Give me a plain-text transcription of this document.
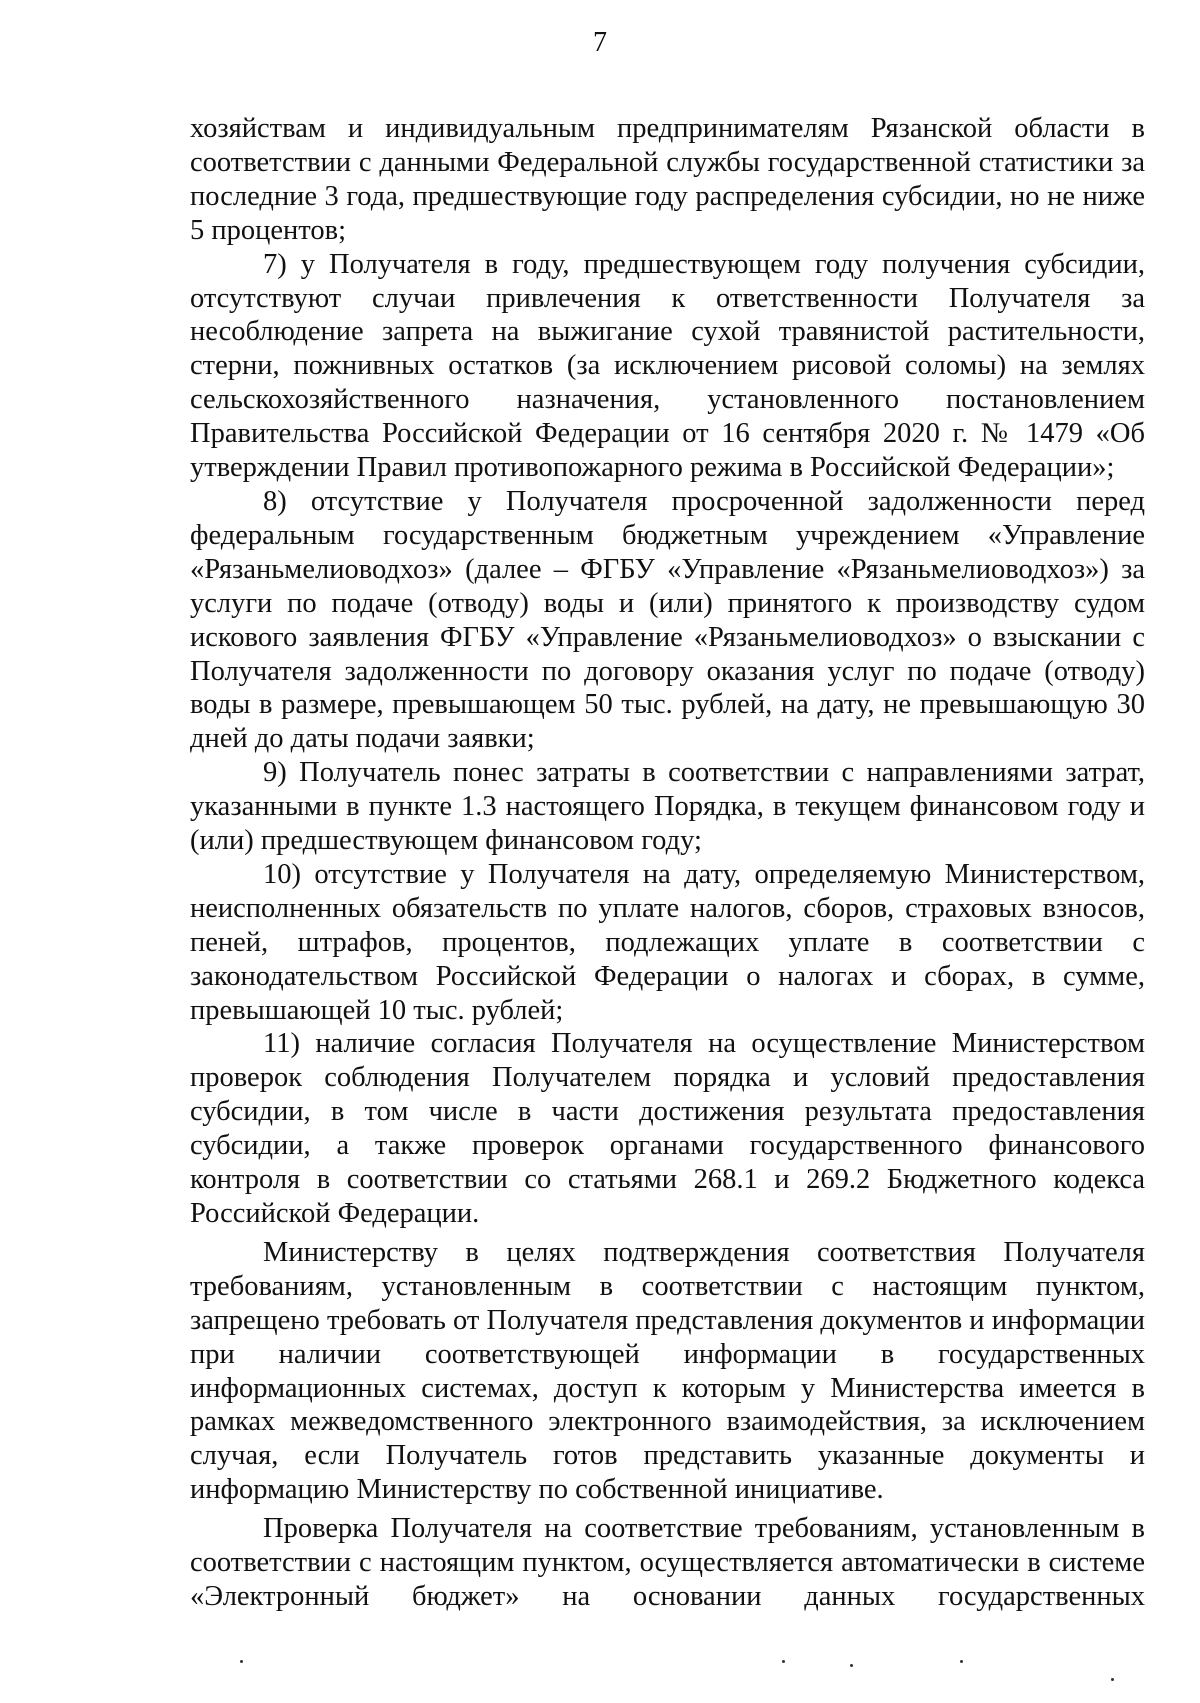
7

хозяйствам и индивидуальным предпринимателям Рязанской области в соответствии с данными Федеральной службы государственной статистики за последние 3 года, предшествующие году распределения субсидии, но не ниже 5 процентов;

7) у Получателя в году, предшествующем году получения субсидии, отсутствуют случаи привлечения к ответственности Получателя за несоблюдение запрета на выжигание сухой травянистой растительности, стерни, пожнивных остатков (за исключением рисовой соломы) на землях сельскохозяйственного назначения, установленного постановлением Правительства Российской Федерации от 16 сентября 2020 г. № 1479 «Об утверждении Правил противопожарного режима в Российской Федерации»;

8) отсутствие у Получателя просроченной задолженности перед федеральным государственным бюджетным учреждением «Управление «Рязаньмелиоводхоз» (далее – ФГБУ «Управление «Рязаньмелиоводхоз») за услуги по подаче (отводу) воды и (или) принятого к производству судом искового заявления ФГБУ «Управление «Рязаньмелиоводхоз» о взыскании с Получателя задолженности по договору оказания услуг по подаче (отводу) воды в размере, превышающем 50 тыс. рублей, на дату, не превышающую 30 дней до даты подачи заявки;

9) Получатель понес затраты в соответствии с направлениями затрат, указанными в пункте 1.3 настоящего Порядка, в текущем финансовом году и (или) предшествующем финансовом году;

10) отсутствие у Получателя на дату, определяемую Министерством, неисполненных обязательств по уплате налогов, сборов, страховых взносов, пеней, штрафов, процентов, подлежащих уплате в соответствии с законодательством Российской Федерации о налогах и сборах, в сумме, превышающей 10 тыс. рублей;

11) наличие согласия Получателя на осуществление Министерством проверок соблюдения Получателем порядка и условий предоставления субсидии, в том числе в части достижения результата предоставления субсидии, а также проверок органами государственного финансового контроля в соответствии со статьями 268.1 и 269.2 Бюджетного кодекса Российской Федерации.

Министерству в целях подтверждения соответствия Получателя требованиям, установленным в соответствии с настоящим пунктом, запрещено требовать от Получателя представления документов и информации при наличии соответствующей информации в государственных информационных системах, доступ к которым у Министерства имеется в рамках межведомственного электронного взаимодействия, за исключением случая, если Получатель готов представить указанные документы и информацию Министерству по собственной инициативе.

Проверка Получателя на соответствие требованиям, установленным в соответствии с настоящим пунктом, осуществляется автоматически в системе «Электронный бюджет» на основании данных государственных
